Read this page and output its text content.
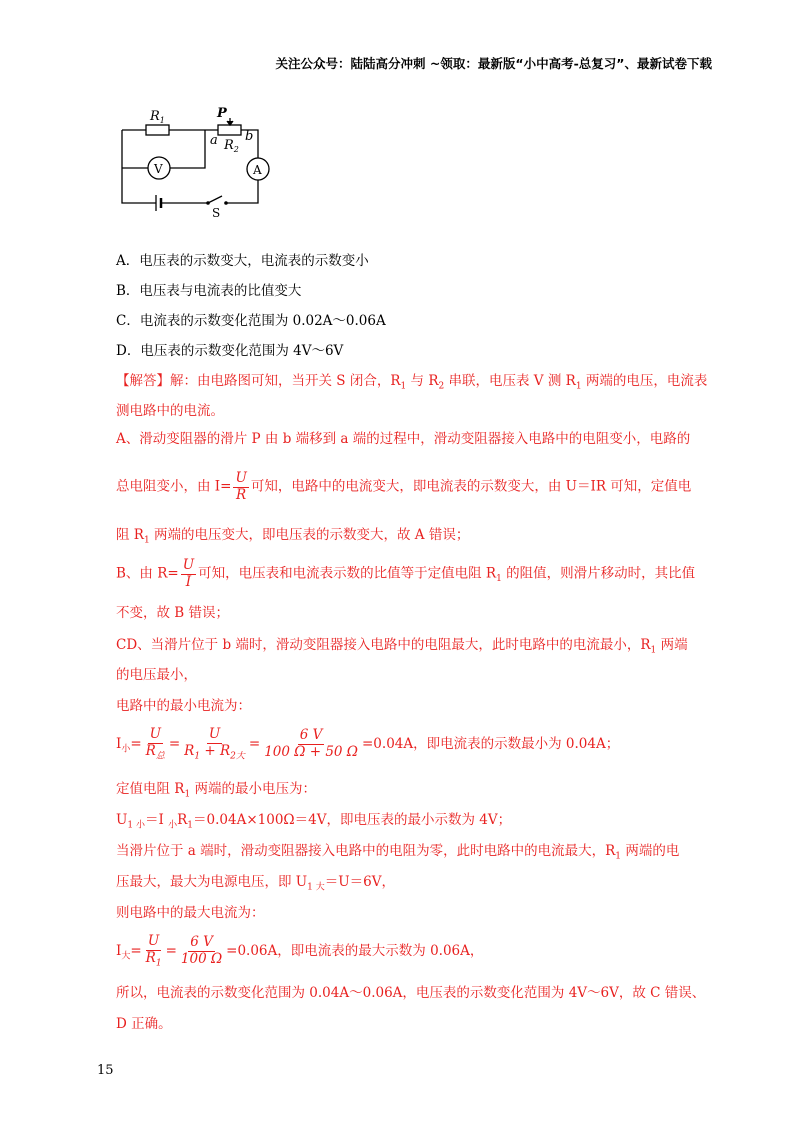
关注公众号：陆陆高分冲刺 ~领取：最新版“小中高考-总复习”、最新试卷下载
$R_1$	P
a b
$R_2$
V	A
S
A．电压表的示数变大，电流表的示数变小
B．电压表与电流表的比值变大
C．电流表的示数变化范围为 0.02A～0.06A
D．电压表的示数变化范围为 4V～6V
【解答】解：由电路图可知，当开关 S 闭合，$R_1$ 与 $R_2$ 串联，电压表 V 测 $R_1$ 两端的电压，电流表
测电路中的电流。
A、滑动变阻器的滑片 P 由 b 端移到 a 端的过程中，滑动变阻器接入电路中的电阻变小，电路的
总电阻变小，由 $I= \frac{U}{R}$ 可知，电路中的电流变大，即电流表的示数变大，由 U＝IR 可知，定值电
阻 $R_1$ 两端的电压变大，即电压表的示数变大，故 A 错误；
B、由 $R= \frac{U}{I}$ 可知，电压表和电流表示数的比值等于定值电阻 $R_1$ 的阻值，则滑片移动时，其比值
不变，故 B 错误；
CD、当滑片位于 b 端时，滑动变阻器接入电路中的电阻最大，此时电路中的电流最小，$R_1$ 两端
的电压最小，
电路中的最小电流为：
$I_小= \frac{U}{R_总} = \frac{U}{R_1 + R_{2大}} = \frac{6 V}{100 \Omega + 50 \Omega} =0.04A$，即电流表的示数最小为 0.04A；
定值电阻 $R_1$ 两端的最小电压为：
$U_{1 小}=I$ $_小R_1=0.04A\times 100\Omega=4V$，即电压表的最小示数为 4V；
当滑片位于 a 端时，滑动变阻器接入电路中的电阻为零，此时电路中的电流最大，$R_1$ 两端的电
压最大，最大为电源电压，即 $U_{1 大}=U=6V$，
则电路中的最大电流为：
$I_大= \frac{U}{R_1} = \frac{6 V}{100 \Omega} =0.06A$，即电流表的最大示数为 0.06A，
所以，电流表的示数变化范围为 0.04A～0.06A，电压表的示数变化范围为 4V～6V，故 C 错误、
D 正确。
15
